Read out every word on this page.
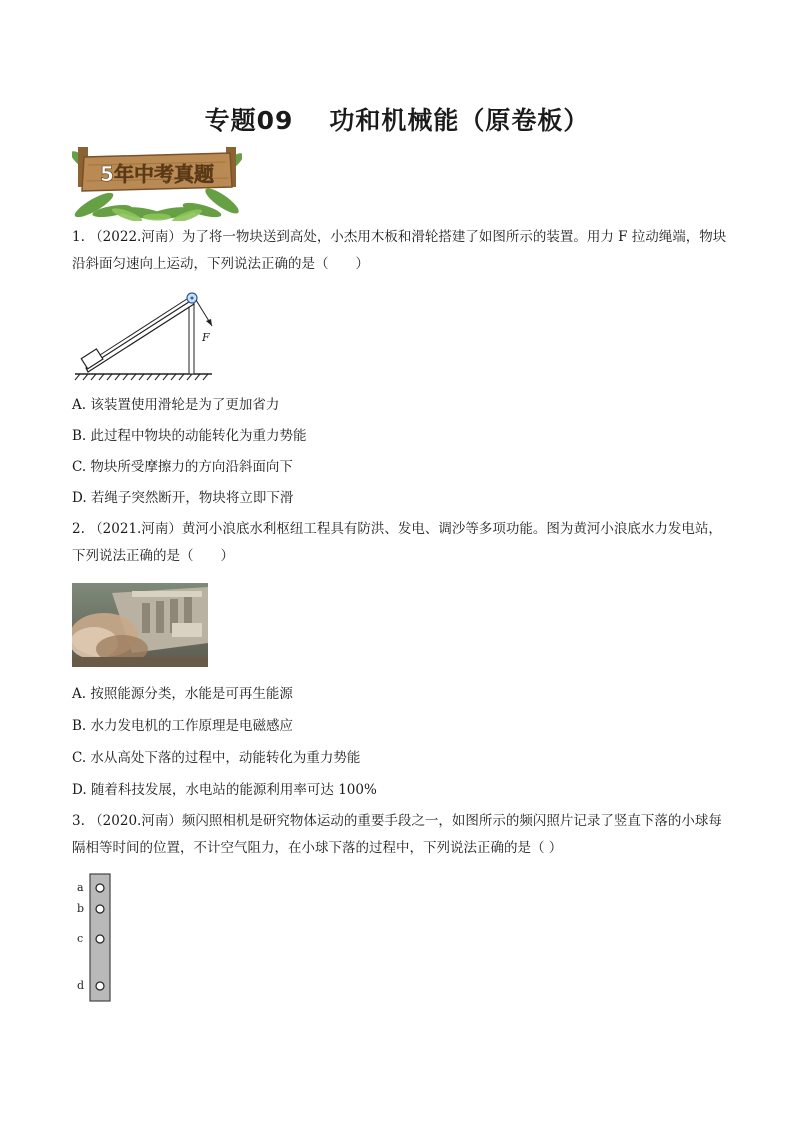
专题09 功和机械能（原卷板）
5年中考真题
1. （2022.河南）为了将一物块送到高处，小杰用木板和滑轮搭建了如图所示的装置。用力 F 拉动绳端，物块沿斜面匀速向上运动，下列说法正确的是（　　）
F
A. 该装置使用滑轮是为了更加省力
B. 此过程中物块的动能转化为重力势能
C. 物块所受摩擦力的方向沿斜面向下
D. 若绳子突然断开，物块将立即下滑
2. （2021.河南）黄河小浪底水利枢纽工程具有防洪、发电、调沙等多项功能。图为黄河小浪底水力发电站，下列说法正确的是（　　）
A. 按照能源分类，水能是可再生能源
B. 水力发电机的工作原理是电磁感应
C. 水从高处下落的过程中，动能转化为重力势能
D. 随着科技发展，水电站的能源利用率可达 100%
3. （2020.河南）频闪照相机是研究物体运动的重要手段之一，如图所示的频闪照片记录了竖直下落的小球每隔相等时间的位置，不计空气阻力，在小球下落的过程中，下列说法正确的是（ ）
a
b
c
d
